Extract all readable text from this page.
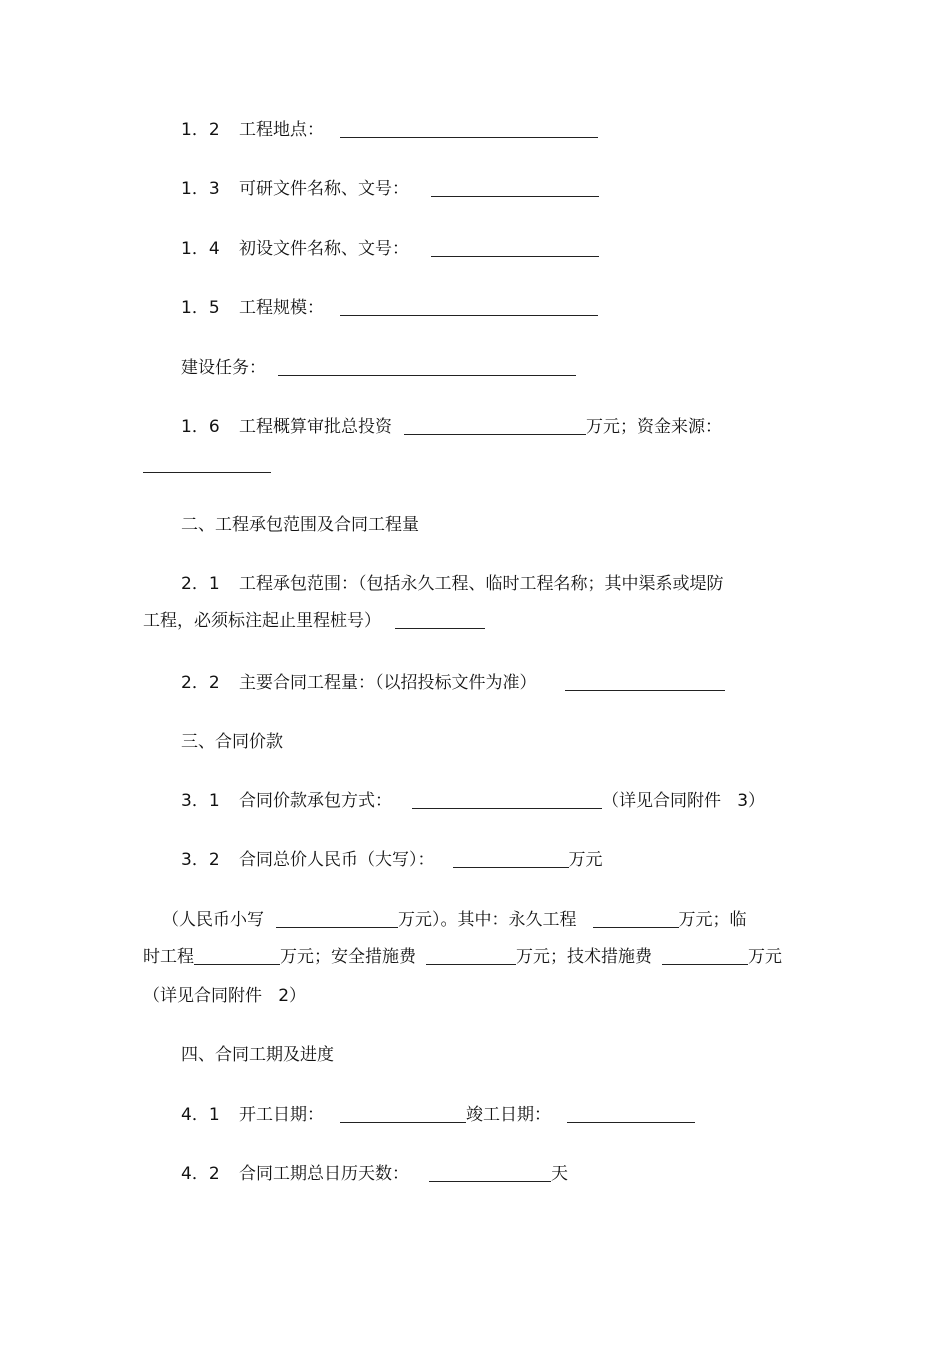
1．2 工程地点：
1．3 可研文件名称、文号：
1．4 初设文件名称、文号：
1．5 工程规模：
建设任务：
1．6 工程概算审批总投资	万元；资金来源：
二、工程承包范围及合同工程量
2．1 工程承包范围：（包括永久工程、临时工程名称；其中渠系或堤防
工程，必须标注起止里程桩号）
2．2 主要合同工程量：（以招投标文件为准）
三、合同价款
3．1 合同价款承包方式：	（详见合同附件   3）
3．2 合同总价人民币（大写）：	万元
（人民币小写	万元）。其中：永久工程	万元；临
时工程	万元；安全措施费	万元；技术措施费	万元
（详见合同附件   2）
四、合同工期及进度
4．1 开工日期：	竣工日期：
4．2 合同工期总日历天数：	天
